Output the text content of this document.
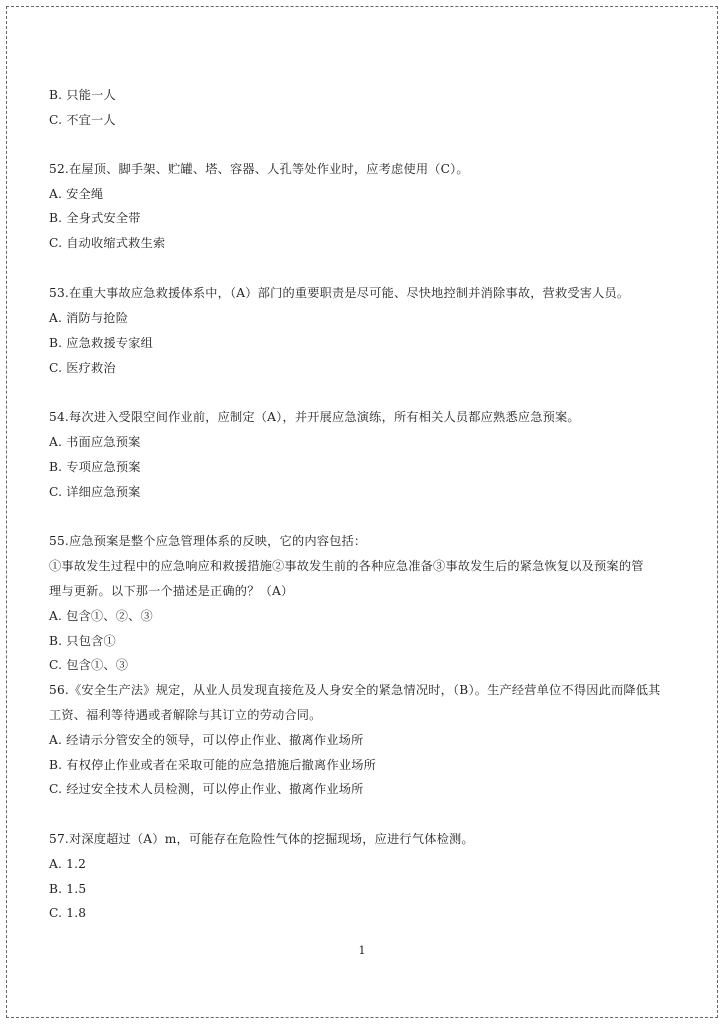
B. 只能一人
C. 不宜一人
52.在屋顶、脚手架、贮罐、塔、容器、人孔等处作业时，应考虑使用（C）。
A. 安全绳
B. 全身式安全带
C. 自动收缩式救生索
53.在重大事故应急救援体系中，（A）部门的重要职责是尽可能、尽快地控制并消除事故，营救受害人员。
A. 消防与抢险
B. 应急救援专家组
C. 医疗救治
54.每次进入受限空间作业前，应制定（A），并开展应急演练，所有相关人员都应熟悉应急预案。
A. 书面应急预案
B. 专项应急预案
C. 详细应急预案
55.应急预案是整个应急管理体系的反映，它的内容包括：
①事故发生过程中的应急响应和救援措施②事故发生前的各种应急准备③事故发生后的紧急恢复以及预案的管
理与更新。以下那一个描述是正确的？（A）
A. 包含①、②、③
B. 只包含①
C. 包含①、③
56.《安全生产法》规定，从业人员发现直接危及人身安全的紧急情况时，（B）。生产经营单位不得因此而降低其
工资、福利等待遇或者解除与其订立的劳动合同。
A. 经请示分管安全的领导，可以停止作业、撤离作业场所
B. 有权停止作业或者在采取可能的应急措施后撤离作业场所
C. 经过安全技术人员检测，可以停止作业、撤离作业场所
57.对深度超过（A）m，可能存在危险性气体的挖掘现场，应进行气体检测。
A. 1.2
B. 1.5
C. 1.8
1
